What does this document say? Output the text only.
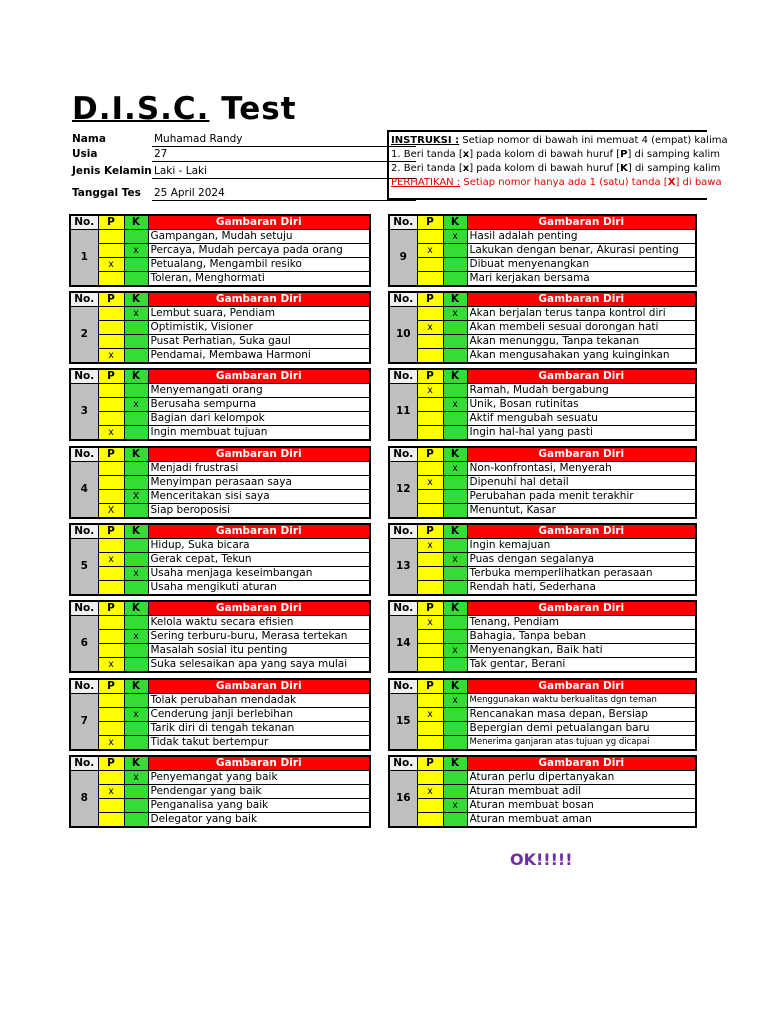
D.I.S.C. Test
Nama	Muhamad Randy
Usia	27
Jenis Kelamin Laki - Laki
Tanggal Tes 25 April 2024
INSTRUKSI : Setiap nomor di bawah ini memuat 4 (empat) kalima
1. Beri tanda [x] pada kolom di bawah huruf [P] di samping kalim
2. Beri tanda [x] pada kolom di bawah huruf [K] di samping kalim
PERHATIKAN : Setiap nomor hanya ada 1 (satu) tanda [X] di bawa
No.	P	K	Gambaran Diri
1			Gampangan, Mudah setuju
		x	Percaya, Mudah percaya pada orang
	x		Petualang, Mengambil resiko
			Toleran, Menghormati
No.	P	K	Gambaran Diri
9		x	Hasil adalah penting
	x		Lakukan dengan benar, Akurasi penting
			Dibuat menyenangkan
			Mari kerjakan bersama
No.	P	K	Gambaran Diri
2		x	Lembut suara, Pendiam
			Optimistik, Visioner
			Pusat Perhatian, Suka gaul
	x		Pendamai, Membawa Harmoni
No.	P	K	Gambaran Diri
10		x	Akan berjalan terus tanpa kontrol diri
	x		Akan membeli sesuai dorongan hati
			Akan menunggu, Tanpa tekanan
			Akan mengusahakan yang kuinginkan
No.	P	K	Gambaran Diri
3			Menyemangati orang
		x	Berusaha sempurna
			Bagian dari kelompok
	x		Ingin membuat tujuan
No.	P	K	Gambaran Diri
11	x		Ramah, Mudah bergabung
		x	Unik, Bosan rutinitas
			Aktif mengubah sesuatu
			Ingin hal-hal yang pasti
No.	P	K	Gambaran Diri
4			Menjadi frustrasi
			Menyimpan perasaan saya
		X	Menceritakan sisi saya
	X		Siap beroposisi
No.	P	K	Gambaran Diri
12		x	Non-konfrontasi, Menyerah
	x		Dipenuhi hal detail
			Perubahan pada menit terakhir
			Menuntut, Kasar
No.	P	K	Gambaran Diri
5			Hidup, Suka bicara
	x		Gerak cepat, Tekun
		x	Usaha menjaga keseimbangan
			Usaha mengikuti aturan
No.	P	K	Gambaran Diri
13	x		Ingin kemajuan
		x	Puas dengan segalanya
			Terbuka memperlihatkan perasaan
			Rendah hati, Sederhana
No.	P	K	Gambaran Diri
6			Kelola waktu secara efisien
		x	Sering terburu-buru, Merasa tertekan
			Masalah sosial itu penting
	x		Suka selesaikan apa yang saya mulai
No.	P	K	Gambaran Diri
14	x		Tenang, Pendiam
			Bahagia, Tanpa beban
		x	Menyenangkan, Baik hati
			Tak gentar, Berani
No.	P	K	Gambaran Diri
7			Tolak perubahan mendadak
		x	Cenderung janji berlebihan
			Tarik diri di tengah tekanan
	x		Tidak takut bertempur
No.	P	K	Gambaran Diri
15		x	Menggunakan waktu berkualitas dgn teman
	x		Rencanakan masa depan, Bersiap
			Bepergian demi petualangan baru
			Menerima ganjaran atas tujuan yg dicapai
No.	P	K	Gambaran Diri
8		x	Penyemangat yang baik
	x		Pendengar yang baik
			Penganalisa yang baik
			Delegator yang baik
No.	P	K	Gambaran Diri
16			Aturan perlu dipertanyakan
	x		Aturan membuat adil
		x	Aturan membuat bosan
			Aturan membuat aman
OK!!!!!
